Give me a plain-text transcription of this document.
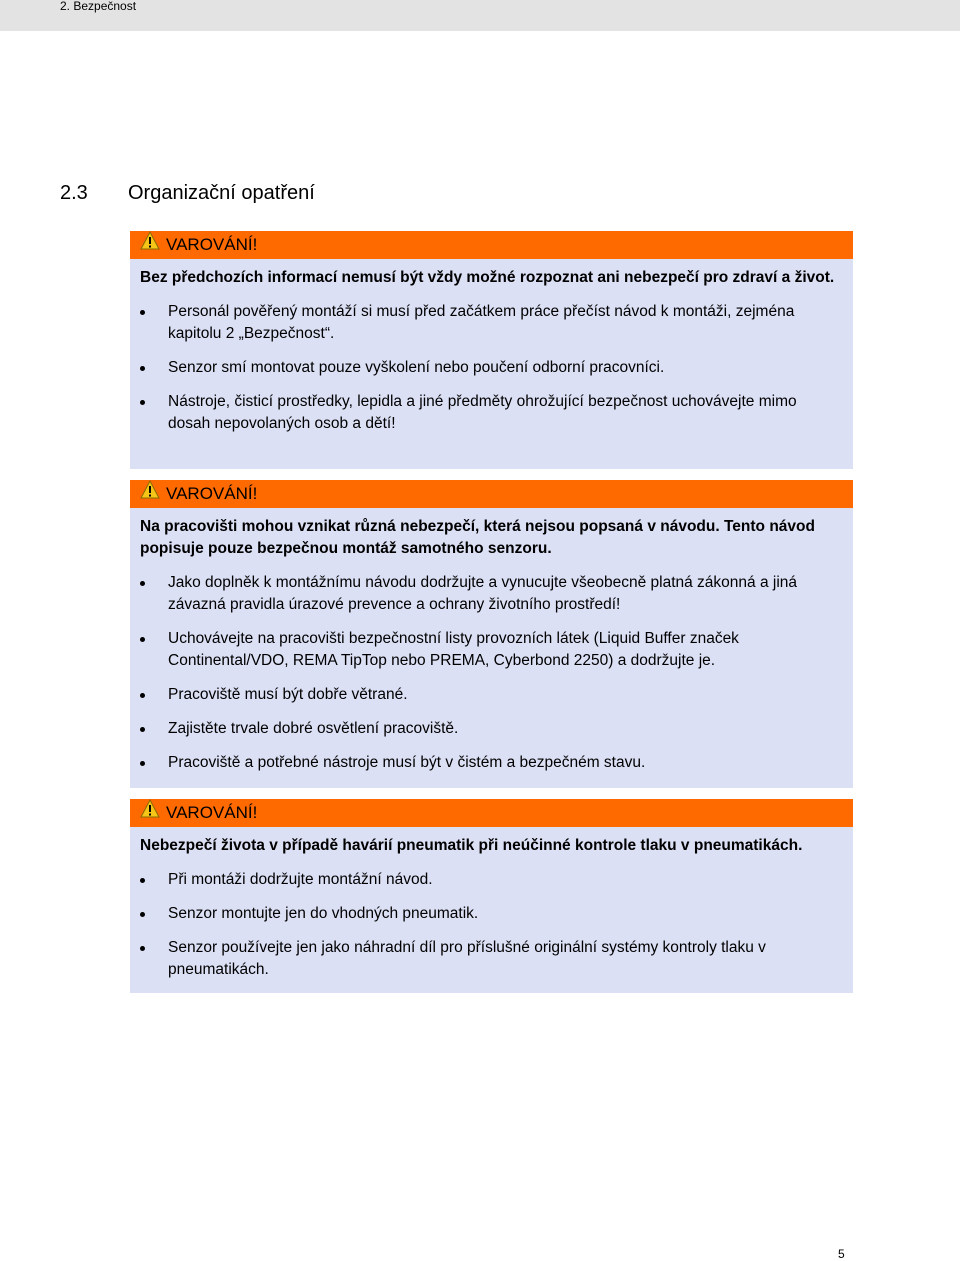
2. Bezpečnost
2.3 Organizační opatření
VAROVÁNÍ!

Bez předchozích informací nemusí být vždy možné rozpoznat ani nebezpečí pro zdraví a život.

Personál pověřený montáží si musí před začátkem práce přečíst návod k montáži, zejména kapitolu 2 „Bezpečnost“.
Senzor smí montovat pouze vyškolení nebo poučení odborní pracovníci.
Nástroje, čisticí prostředky, lepidla a jiné předměty ohrožující bezpečnost uchovávejte mimo dosah nepovolaných osob a dětí!
VAROVÁNÍ!

Na pracovišti mohou vznikat různá nebezpečí, která nejsou popsaná v návodu. Tento návod popisuje pouze bezpečnou montáž samotného senzoru.

Jako doplněk k montážnímu návodu dodržujte a vynucujte všeobecně platná zákonná a jiná závazná pravidla úrazové prevence a ochrany životního prostředí!
Uchovávejte na pracovišti bezpečnostní listy provozních látek (Liquid Buffer značek Continental/VDO, REMA TipTop nebo PREMA, Cyberbond 2250) a dodržujte je.
Pracoviště musí být dobře větrané.
Zajistěte trvale dobré osvětlení pracoviště.
Pracoviště a potřebné nástroje musí být v čistém a bezpečném stavu.
VAROVÁNÍ!

Nebezpečí života v případě havárií pneumatik při neúčinné kontrole tlaku v pneumatikách.

Při montáži dodržujte montážní návod.
Senzor montujte jen do vhodných pneumatik.
Senzor používejte jen jako náhradní díl pro příslušné originální systémy kontroly tlaku v pneumatikách.
5
